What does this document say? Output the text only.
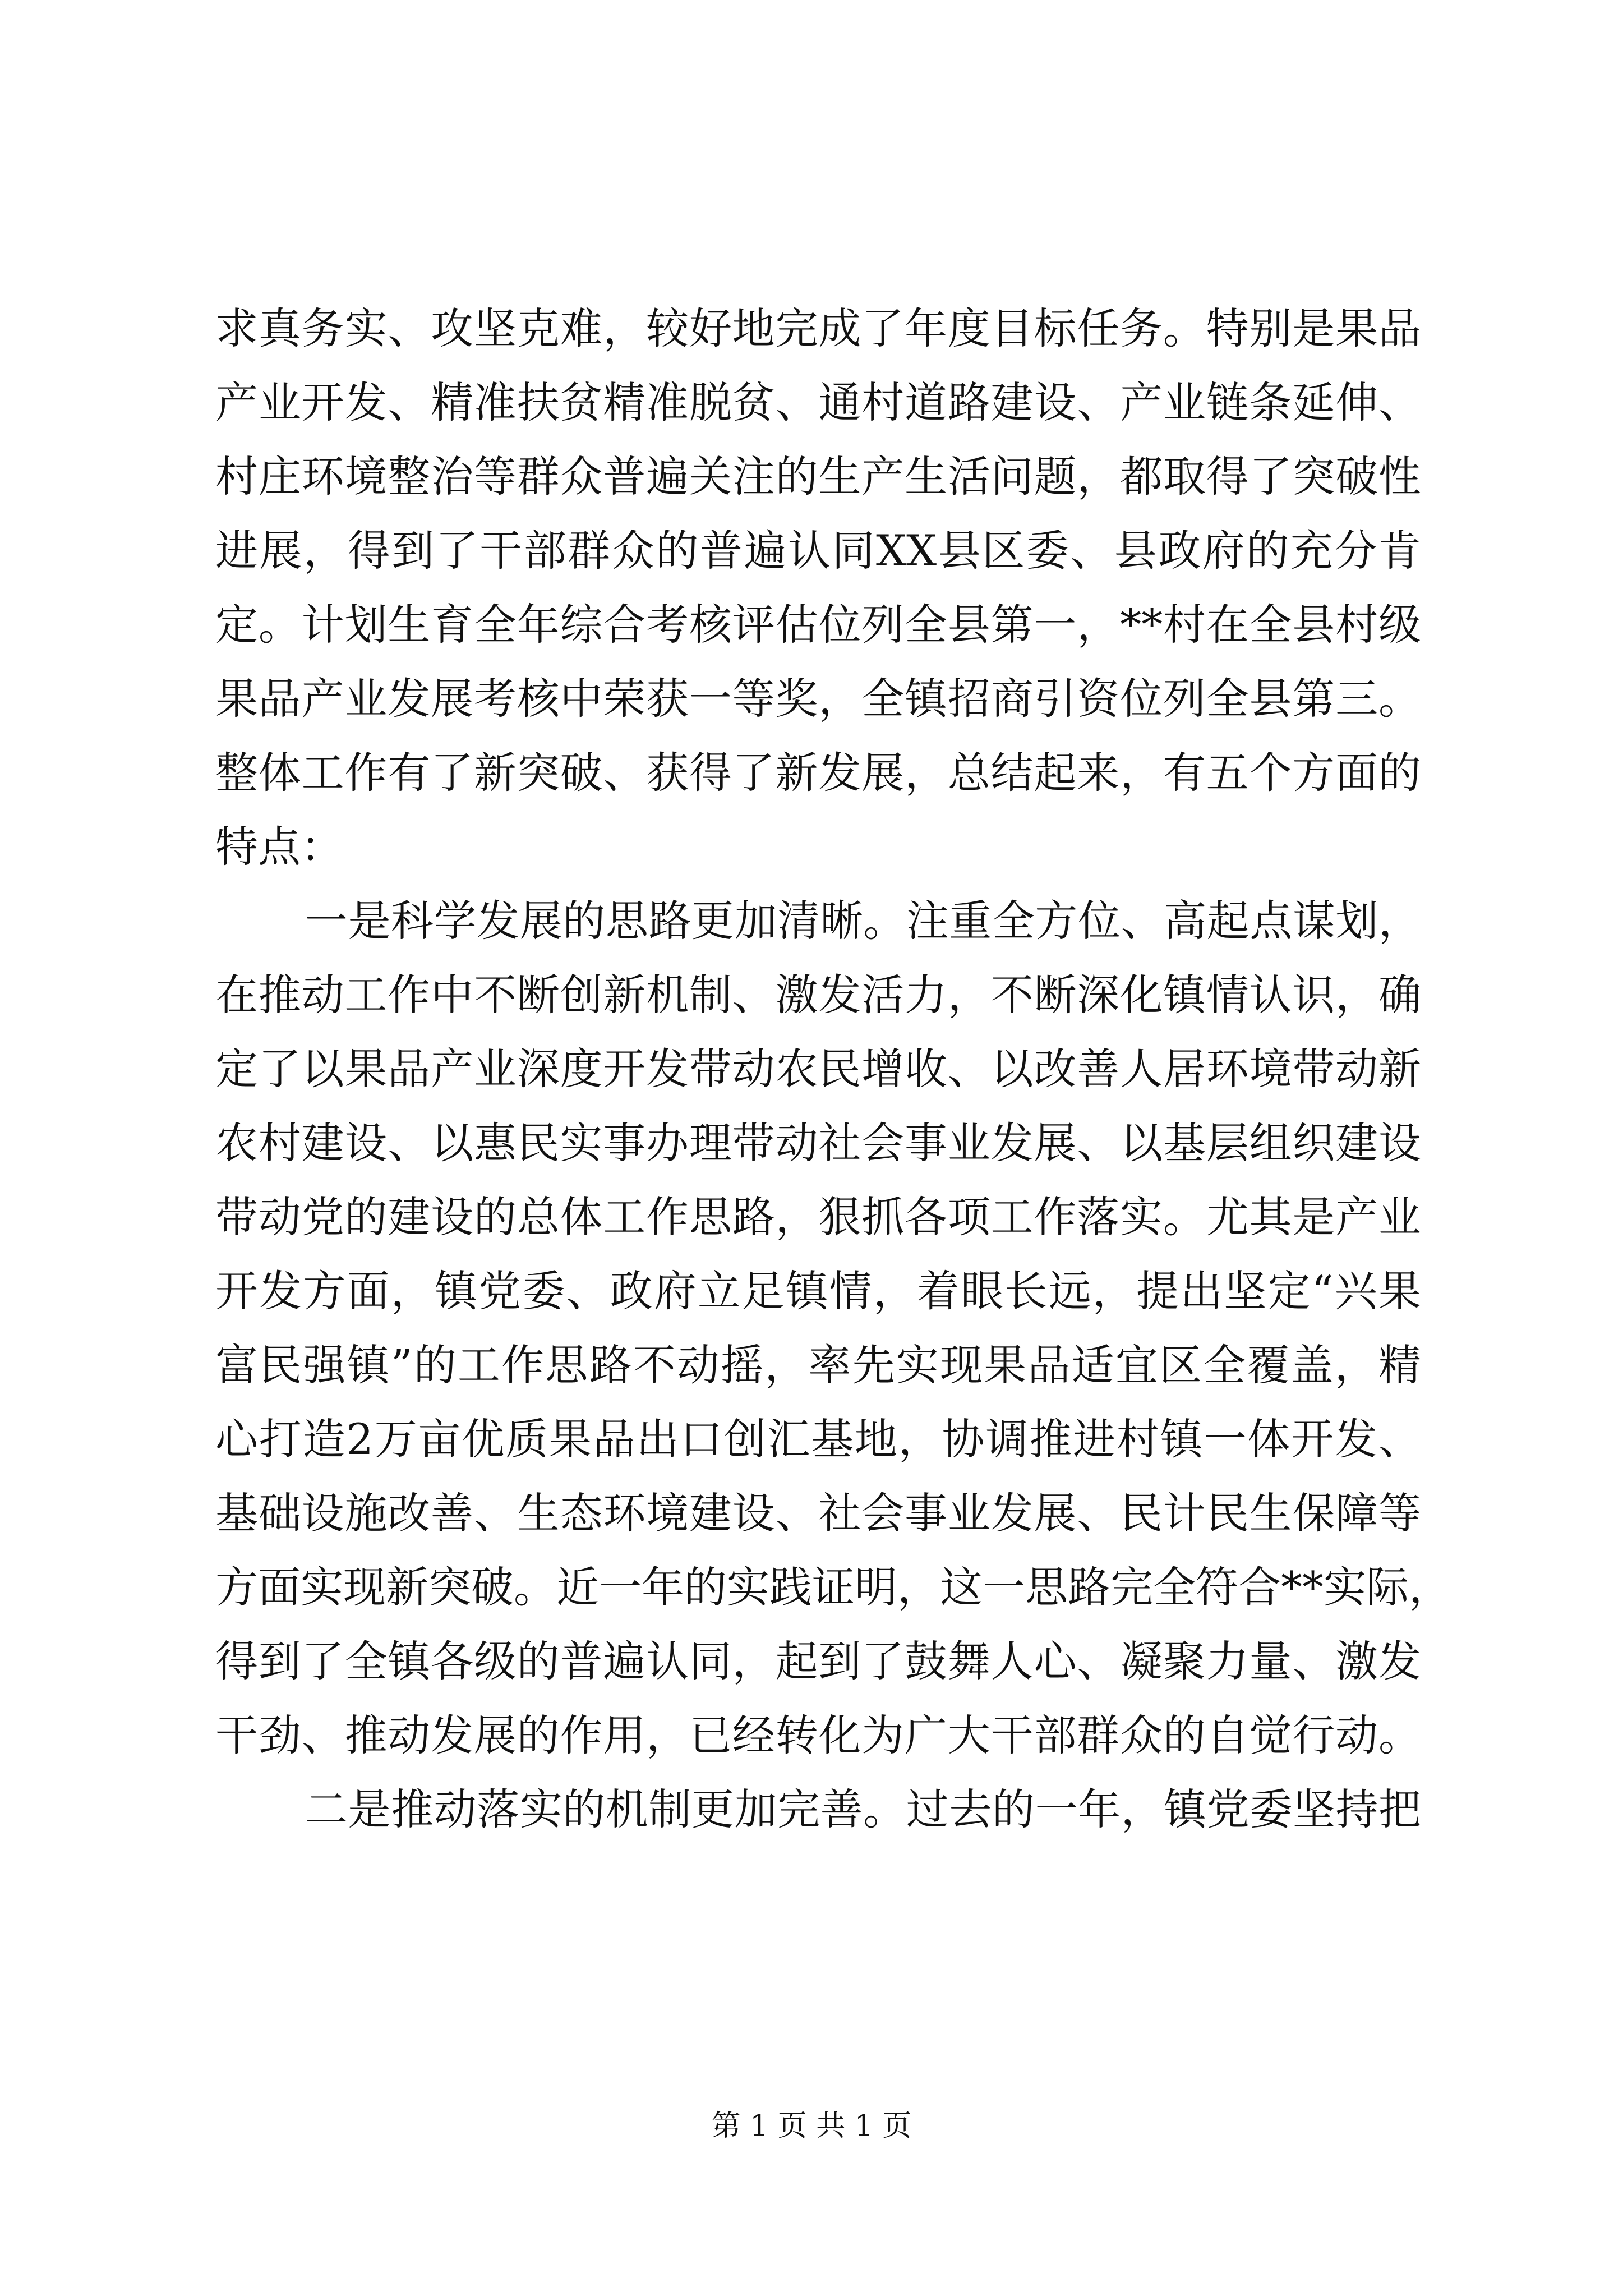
求真务实、攻坚克难，较好地完成了年度目标任务。特别是果品
产业开发、精准扶贫精准脱贫、通村道路建设、产业链条延伸、
村庄环境整治等群众普遍关注的生产生活问题，都取得了突破性
进展，得到了干部群众的普遍认同XX县区委、县政府的充分肯
定。计划生育全年综合考核评估位列全县第一，**村在全县村级
果品产业发展考核中荣获一等奖，全镇招商引资位列全县第三。
整体工作有了新突破、获得了新发展，总结起来，有五个方面的
特点：
一是科学发展的思路更加清晰。注重全方位、高起点谋划，
在推动工作中不断创新机制、激发活力，不断深化镇情认识，确
定了以果品产业深度开发带动农民增收、以改善人居环境带动新
农村建设、以惠民实事办理带动社会事业发展、以基层组织建设
带动党的建设的总体工作思路，狠抓各项工作落实。尤其是产业
开发方面，镇党委、政府立足镇情，着眼长远，提出坚定“兴果
富民强镇”的工作思路不动摇，率先实现果品适宜区全覆盖，精
心打造2万亩优质果品出口创汇基地，协调推进村镇一体开发、
基础设施改善、生态环境建设、社会事业发展、民计民生保障等
方面实现新突破。近一年的实践证明，这一思路完全符合**实际，
得到了全镇各级的普遍认同，起到了鼓舞人心、凝聚力量、激发
干劲、推动发展的作用，已经转化为广大干部群众的自觉行动。
二是推动落实的机制更加完善。过去的一年，镇党委坚持把
第 1 页 共 1 页
